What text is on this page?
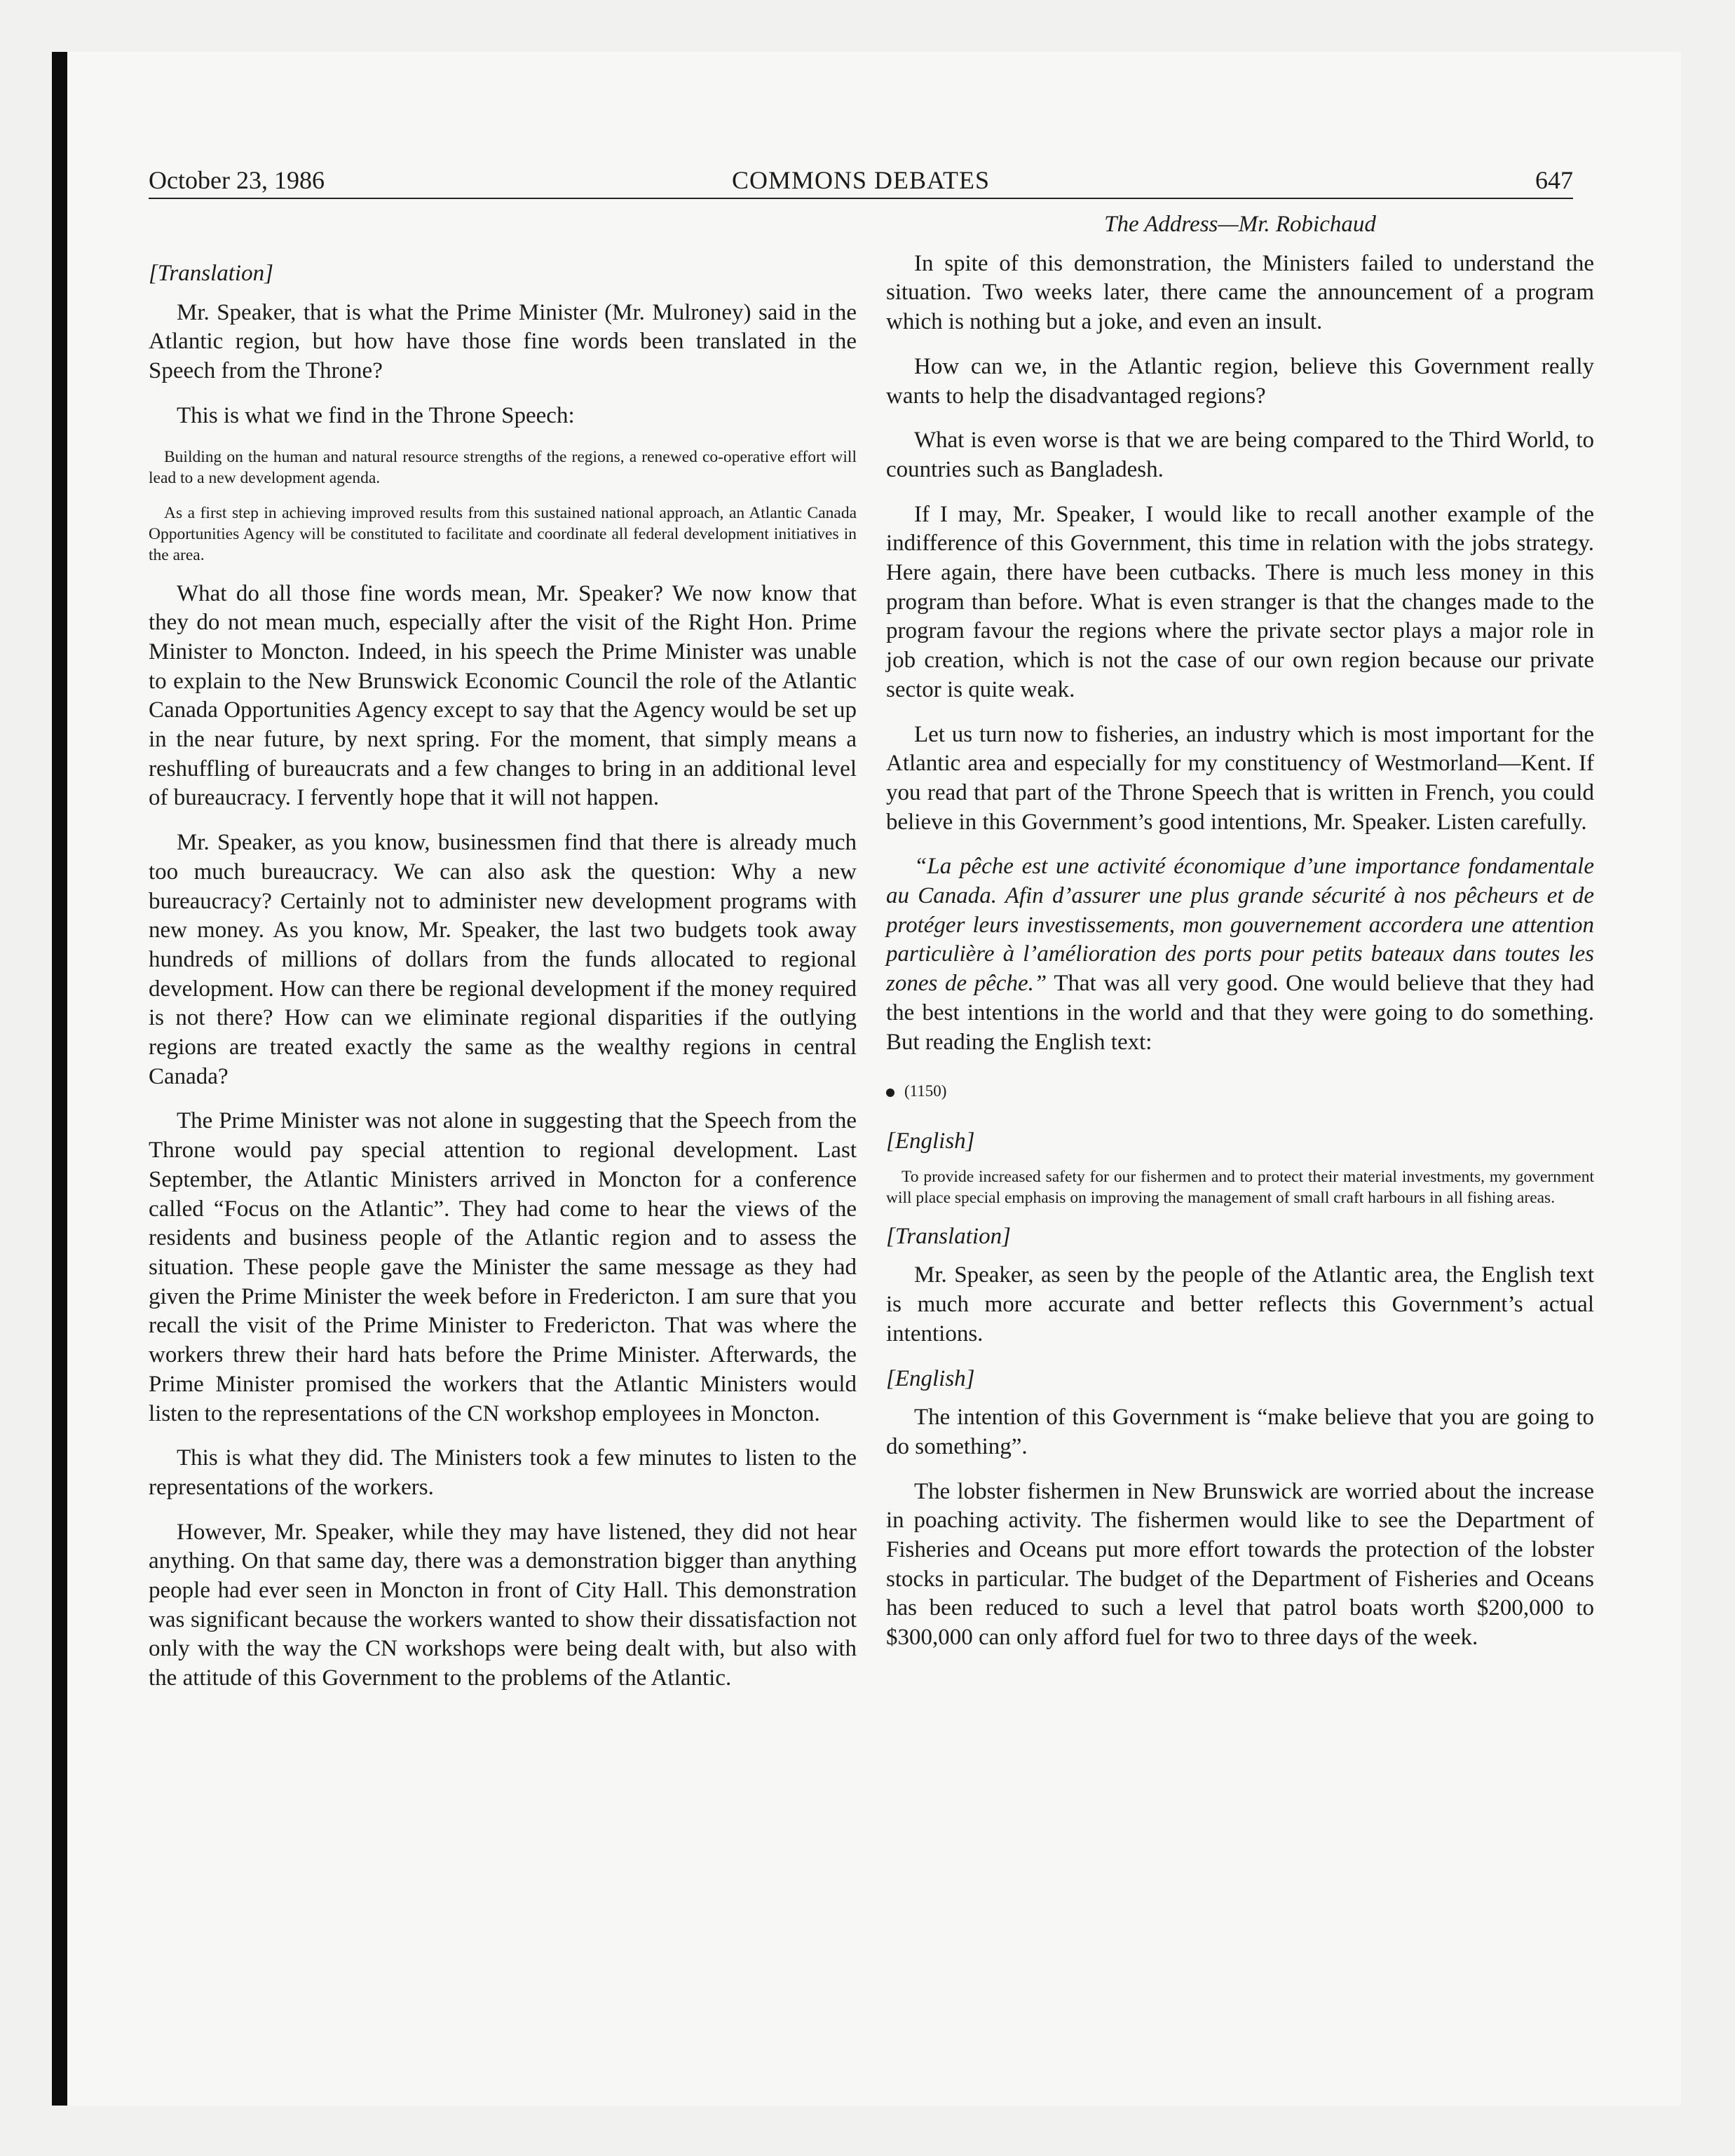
October 23, 1986	COMMONS DEBATES	647

[Translation]

Mr. Speaker, that is what the Prime Minister (Mr. Mulroney) said in the Atlantic region, but how have those fine words been translated in the Speech from the Throne?

This is what we find in the Throne Speech:

Building on the human and natural resource strengths of the regions, a renewed co-operative effort will lead to a new development agenda.

As a first step in achieving improved results from this sustained national approach, an Atlantic Canada Opportunities Agency will be constituted to facilitate and coordinate all federal development initiatives in the area.

What do all those fine words mean, Mr. Speaker? We now know that they do not mean much, especially after the visit of the Right Hon. Prime Minister to Moncton. Indeed, in his speech the Prime Minister was unable to explain to the New Brunswick Economic Council the role of the Atlantic Canada Opportunities Agency except to say that the Agency would be set up in the near future, by next spring. For the moment, that simply means a reshuffling of bureaucrats and a few changes to bring in an additional level of bureaucracy. I fervently hope that it will not happen.

Mr. Speaker, as you know, businessmen find that there is already much too much bureaucracy. We can also ask the question: Why a new bureaucracy? Certainly not to administer new development programs with new money. As you know, Mr. Speaker, the last two budgets took away hundreds of millions of dollars from the funds allocated to regional development. How can there be regional development if the money required is not there? How can we eliminate regional disparities if the outlying regions are treated exactly the same as the wealthy regions in central Canada?

The Prime Minister was not alone in suggesting that the Speech from the Throne would pay special attention to regional development. Last September, the Atlantic Ministers arrived in Moncton for a conference called “Focus on the Atlantic”. They had come to hear the views of the residents and business people of the Atlantic region and to assess the situation. These people gave the Minister the same message as they had given the Prime Minister the week before in Fredericton. I am sure that you recall the visit of the Prime Minister to Fredericton. That was where the workers threw their hard hats before the Prime Minister. Afterwards, the Prime Minister promised the workers that the Atlantic Ministers would listen to the representations of the CN workshop employees in Moncton.

This is what they did. The Ministers took a few minutes to listen to the representations of the workers.

However, Mr. Speaker, while they may have listened, they did not hear anything. On that same day, there was a demonstration bigger than anything people had ever seen in Moncton in front of City Hall. This demonstration was significant because the workers wanted to show their dissatisfaction not only with the way the CN workshops were being dealt with, but also with the attitude of this Government to the problems of the Atlantic.

The Address—Mr. Robichaud

In spite of this demonstration, the Ministers failed to understand the situation. Two weeks later, there came the announcement of a program which is nothing but a joke, and even an insult.

How can we, in the Atlantic region, believe this Government really wants to help the disadvantaged regions?

What is even worse is that we are being compared to the Third World, to countries such as Bangladesh.

If I may, Mr. Speaker, I would like to recall another example of the indifference of this Government, this time in relation with the jobs strategy. Here again, there have been cutbacks. There is much less money in this program than before. What is even stranger is that the changes made to the program favour the regions where the private sector plays a major role in job creation, which is not the case of our own region because our private sector is quite weak.

Let us turn now to fisheries, an industry which is most important for the Atlantic area and especially for my constituency of Westmorland—Kent. If you read that part of the Throne Speech that is written in French, you could believe in this Government’s good intentions, Mr. Speaker. Listen carefully.

“La pêche est une activité économique d’une importance fondamentale au Canada. Afin d’assurer une plus grande sécurité à nos pêcheurs et de protéger leurs investissements, mon gouvernement accordera une attention particulière à l’amélioration des ports pour petits bateaux dans toutes les zones de pêche.” That was all very good. One would believe that they had the best intentions in the world and that they were going to do something. But reading the English text:

(1150)

[English]

To provide increased safety for our fishermen and to protect their material investments, my government will place special emphasis on improving the management of small craft harbours in all fishing areas.

[Translation]

Mr. Speaker, as seen by the people of the Atlantic area, the English text is much more accurate and better reflects this Government’s actual intentions.

[English]

The intention of this Government is “make believe that you are going to do something”.

The lobster fishermen in New Brunswick are worried about the increase in poaching activity. The fishermen would like to see the Department of Fisheries and Oceans put more effort towards the protection of the lobster stocks in particular. The budget of the Department of Fisheries and Oceans has been reduced to such a level that patrol boats worth $200,000 to $300,000 can only afford fuel for two to three days of the week.
